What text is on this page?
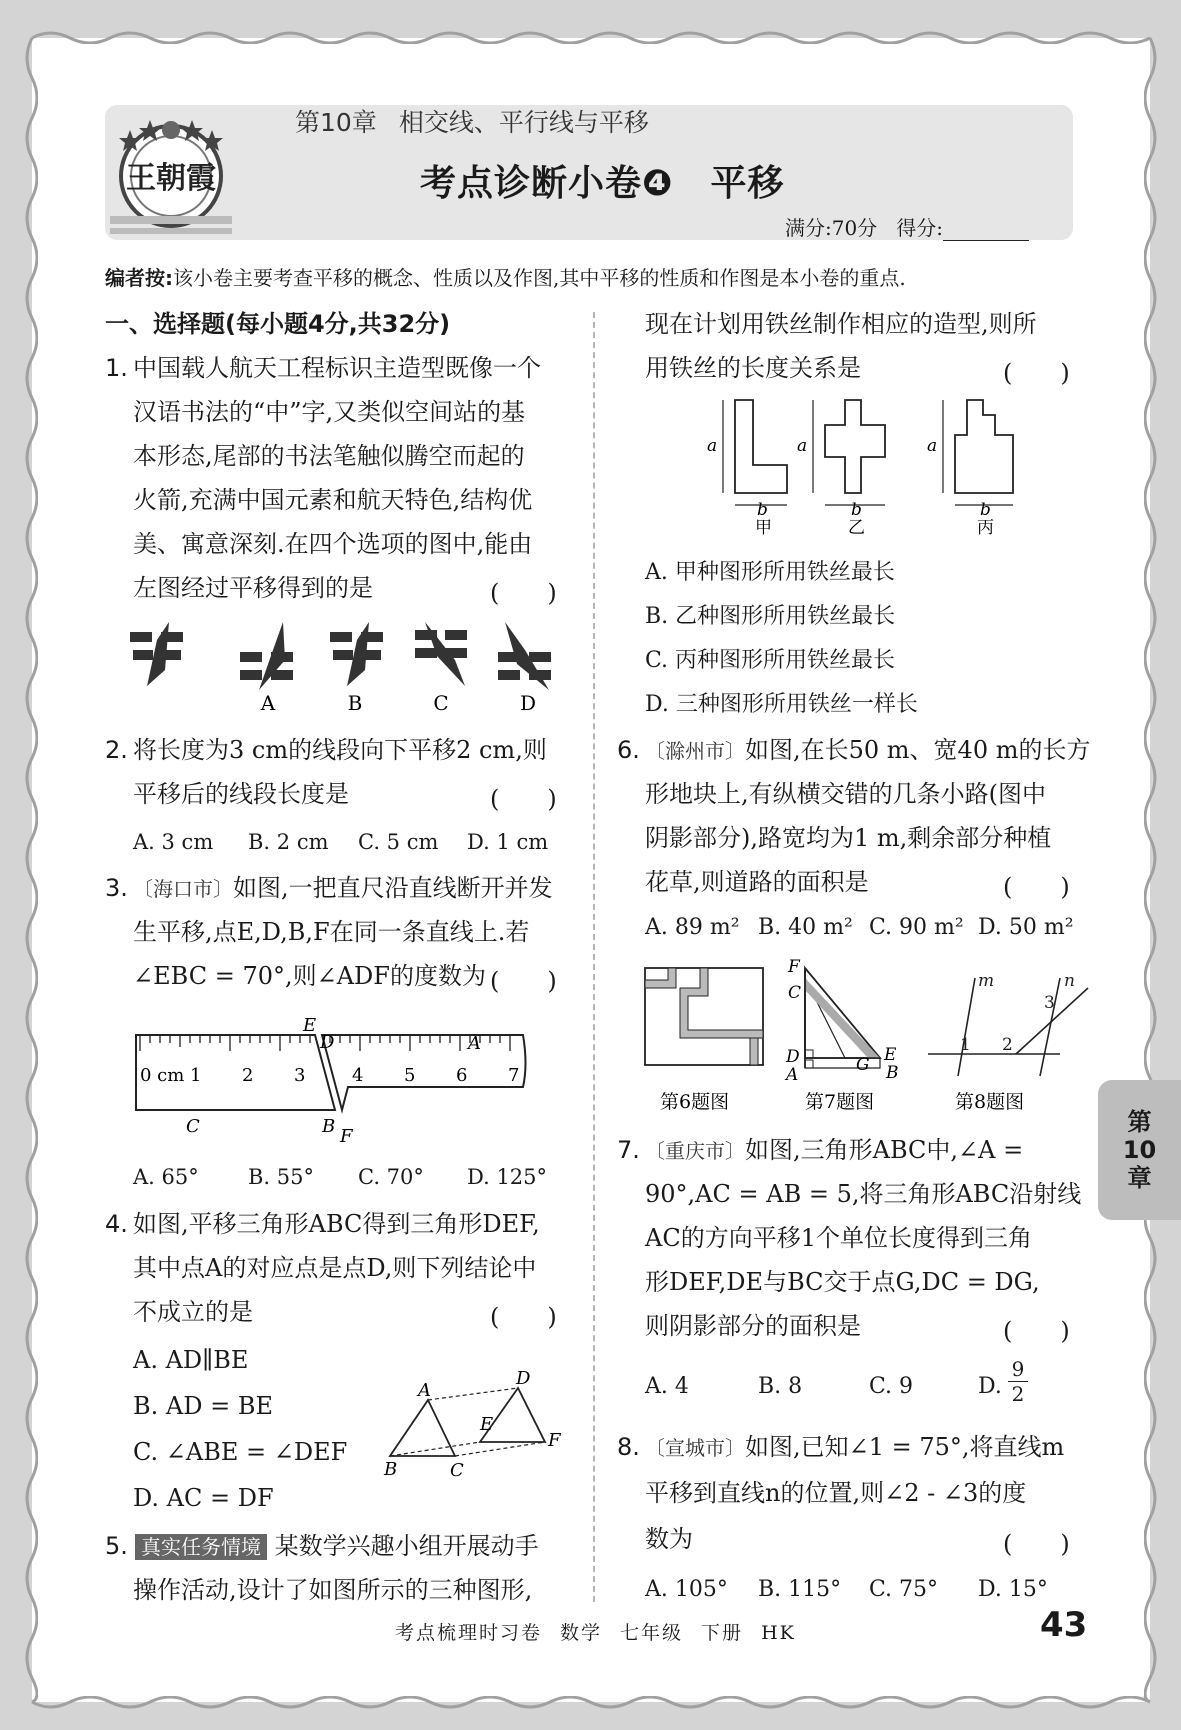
王朝霞
第10章 相交线、平行线与平移
考点诊断小卷❹　平移
满分:70分 得分:
编者按:该小卷主要考查平移的概念、性质以及作图,其中平移的性质和作图是本小卷的重点.
一、选择题(每小题4分,共32分)
1. 中国载人航天工程标识主造型既像一个
汉语书法的“中”字,又类似空间站的基
本形态,尾部的书法笔触似腾空而起的
火箭,充满中国元素和航天特色,结构优
美、寓意深刻.在四个选项的图中,能由
左图经过平移得到的是	(　　)
A	B	C	D
2. 将长度为3 cm的线段向下平移2 cm,则
平移后的线段长度是	(　　)
A. 3 cm B. 2 cm C. 5 cm D. 1 cm
3. 〔海口市〕如图,一把直尺沿直线断开并发
生平移,点E,D,B,F在同一条直线上.若
∠EBC = 70°,则∠ADF的度数为 (　　)
0 cm 1 2 3	4 5 6 7
E
D	A
C	B F
A. 65° B. 55° C. 70° D. 125°
4. 如图,平移三角形ABC得到三角形DEF,
其中点A的对应点是点D,则下列结论中
不成立的是	(　　)
A. AD∥BE
B. AD = BE
C. ∠ABE = ∠DEF
D. AC = DF
A
B	C
D
E
F
5. 真实任务情境 某数学兴趣小组开展动手
操作活动,设计了如图所示的三种图形,
现在计划用铁丝制作相应的造型,则所
用铁丝的长度关系是	(　　)
a	a	a
b	b	b
甲	乙	丙
A. 甲种图形所用铁丝最长
B. 乙种图形所用铁丝最长
C. 丙种图形所用铁丝最长
D. 三种图形所用铁丝一样长
6. 〔滁州市〕如图,在长50 m、宽40 m的长方
形地块上,有纵横交错的几条小路(图中
阴影部分),路宽均为1 m,剩余部分种植
花草,则道路的面积是	(　　)
A. 89 m² B. 40 m² C. 90 m² D. 50 m²
F
C
D
A	G E
B
m	n
1 2
3
第6题图	第7题图	第8题图
7. 〔重庆市〕如图,三角形ABC中,∠A =
90°,AC = AB = 5,将三角形ABC沿射线
AC的方向平移1个单位长度得到三角
形DEF,DE与BC交于点G,DC = DG,
则阴影部分的面积是	(　　)
A. 4	B. 8	C. 9	D. $\frac{9}{2}$
8. 〔宣城市〕如图,已知∠1 = 75°,将直线m
平移到直线n的位置,则∠2 - ∠3的度
数为	(　　)
A. 105° B. 115° C. 75° D. 15°
第
10
章
考点梳理时习卷 数学 七年级 下册 HK	43
